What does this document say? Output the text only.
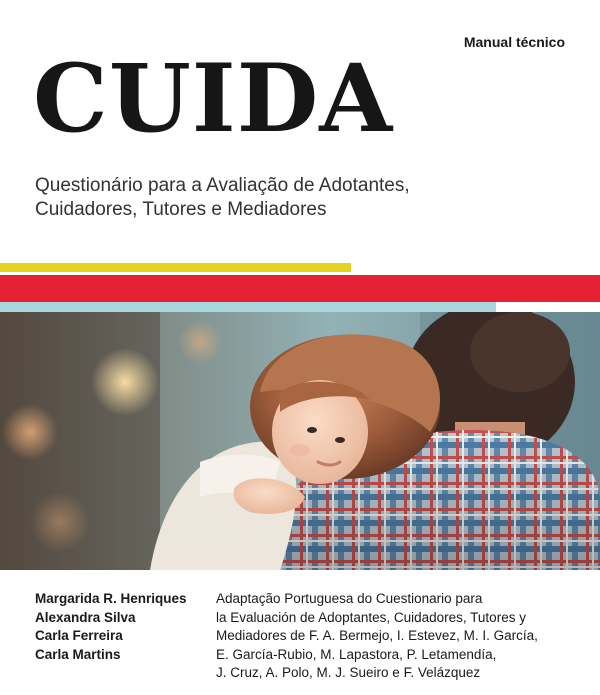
Manual técnico
CUIDA
Questionário para a Avaliação de Adotantes,
Cuidadores, Tutores e Mediadores
Margarida R. Henriques
Alexandra Silva
Carla Ferreira
Carla Martins
Adaptação Portuguesa do Cuestionario para
la Evaluación de Adoptantes, Cuidadores, Tutores y
Mediadores de F. A. Bermejo, I. Estevez, M. I. García,
E. García-Rubio, M. Lapastora, P. Letamendía,
J. Cruz, A. Polo, M. J. Sueiro e F. Velázquez
